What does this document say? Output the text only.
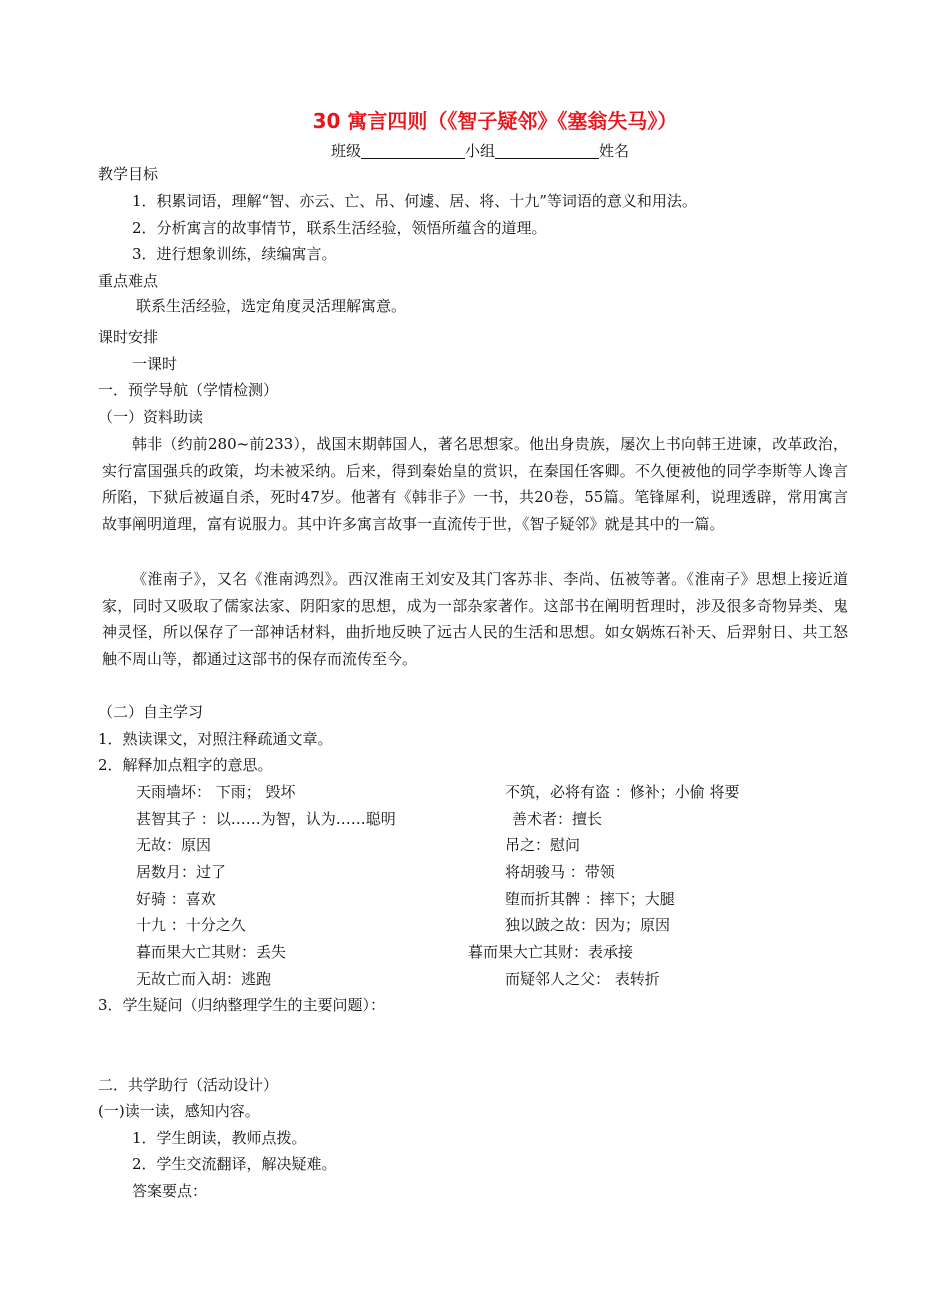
30 寓言四则（《智子疑邻》《塞翁失马》）
班级	小组	姓名
教学目标
1．积累词语，理解“智、亦云、亡、吊、何遽、居、将、十九”等词语的意义和用法。
2．分析寓言的故事情节，联系生活经验，领悟所蕴含的道理。
3．进行想象训练，续编寓言。
重点难点
联系生活经验，选定角度灵活理解寓意。
课时安排
一课时
一．预学导航（学情检测）
（一）资料助读

韩非（约前280~前233），战国末期韩国人，著名思想家。他出身贵族，屡次上书向韩王进谏，改革政治，实行富国强兵的政策，均未被采纳。后来，得到秦始皇的赏识，在秦国任客卿。不久便被他的同学李斯等人谗言所陷，下狱后被逼自杀，死时47岁。他著有《韩非子》一书，共20卷，55篇。笔锋犀利，说理透辟，常用寓言故事阐明道理，富有说服力。其中许多寓言故事一直流传于世，《智子疑邻》就是其中的一篇。

《淮南子》，又名《淮南鸿烈》。西汉淮南王刘安及其门客苏非、李尚、伍被等著。《淮南子》思想上接近道家，同时又吸取了儒家法家、阴阳家的思想，成为一部杂家著作。这部书在阐明哲理时，涉及很多奇物异类、鬼神灵怪，所以保存了一部神话材料，曲折地反映了远古人民的生活和思想。如女娲炼石补天、后羿射日、共工怒触不周山等，都通过这部书的保存而流传至今。

（二）自主学习
1．熟读课文，对照注释疏通文章。
2．解释加点粗字的意思。
天雨墙坏： 下雨； 毁坏	不筑，必将有盗 ：修补；小偷 将要
甚智其子 ：以……为智，认为……聪明	善术者：擅长
无故：原因	吊之：慰问
居数月：过了	将胡骏马 ：带领
好骑 ：喜欢	堕而折其髀 ：摔下；大腿
十九 ：十分之久	独以跛之故：因为；原因
暮而果大亡其财：丢失	暮而果大亡其财：表承接
无故亡而入胡：逃跑	而疑邻人之父： 表转折
3．学生疑问（归纳整理学生的主要问题）：
二．共学助行（活动设计）
(一)读一读，感知内容。
1．学生朗读，教师点拨。
2．学生交流翻译，解决疑难。
答案要点：
